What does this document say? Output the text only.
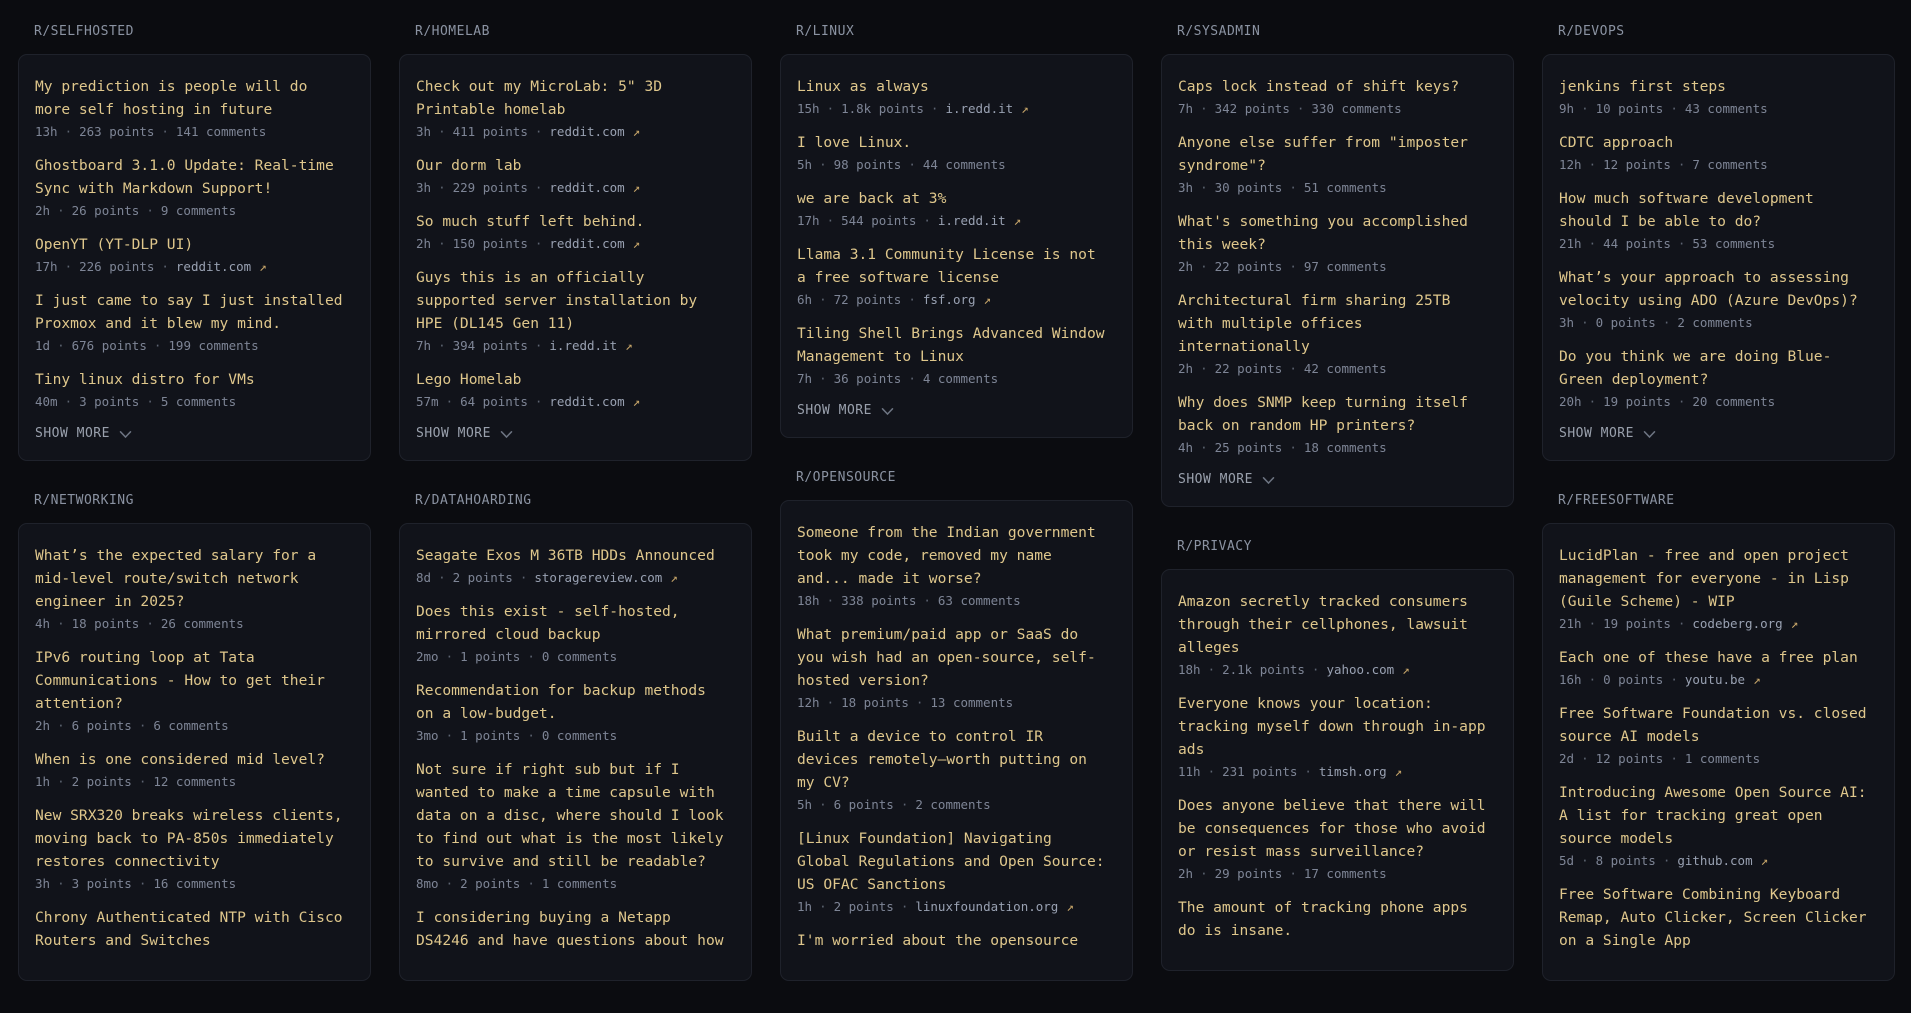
R/SELFHOSTED
My prediction is people will do more self hosting in future
13h · 263 points · 141 comments
Ghostboard 3.1.0 Update: Real-time Sync with Markdown Support!
2h · 26 points · 9 comments
OpenYT (YT-DLP UI)
17h · 226 points · reddit.com ↗
I just came to say I just installed Proxmox and it blew my mind.
1d · 676 points · 199 comments
Tiny linux distro for VMs
40m · 3 points · 5 comments
SHOW MORE
R/NETWORKING
What’s the expected salary for a mid-level route/switch network engineer in 2025?
4h · 18 points · 26 comments
IPv6 routing loop at Tata Communications - How to get their attention?
2h · 6 points · 6 comments
When is one considered mid level?
1h · 2 points · 12 comments
New SRX320 breaks wireless clients, moving back to PA-850s immediately restores connectivity
3h · 3 points · 16 comments
Chrony Authenticated NTP with Cisco Routers and Switches
R/HOMELAB
Check out my MicroLab: 5" 3D Printable homelab
3h · 411 points · reddit.com ↗
Our dorm lab
3h · 229 points · reddit.com ↗
So much stuff left behind.
2h · 150 points · reddit.com ↗
Guys this is an officially supported server installation by HPE (DL145 Gen 11)
7h · 394 points · i.redd.it ↗
Lego Homelab
57m · 64 points · reddit.com ↗
SHOW MORE
R/DATAHOARDING
Seagate Exos M 36TB HDDs Announced
8d · 2 points · storagereview.com ↗
Does this exist - self-hosted, mirrored cloud backup
2mo · 1 points · 0 comments
Recommendation for backup methods on a low-budget.
3mo · 1 points · 0 comments
Not sure if right sub but if I wanted to make a time capsule with data on a disc, where should I look to find out what is the most likely to survive and still be readable?
8mo · 2 points · 1 comments
I considering buying a Netapp DS4246 and have questions about how
R/LINUX
Linux as always
15h · 1.8k points · i.redd.it ↗
I love Linux.
5h · 98 points · 44 comments
we are back at 3%
17h · 544 points · i.redd.it ↗
Llama 3.1 Community License is not a free software license
6h · 72 points · fsf.org ↗
Tiling Shell Brings Advanced Window Management to Linux
7h · 36 points · 4 comments
SHOW MORE
R/OPENSOURCE
Someone from the Indian government took my code, removed my name and... made it worse?
18h · 338 points · 63 comments
What premium/paid app or SaaS do you wish had an open-source, self-hosted version?
12h · 18 points · 13 comments
Built a device to control IR devices remotely—worth putting on my CV?
5h · 6 points · 2 comments
[Linux Foundation] Navigating Global Regulations and Open Source: US OFAC Sanctions
1h · 2 points · linuxfoundation.org ↗
I'm worried about the opensource
R/SYSADMIN
Caps lock instead of shift keys?
7h · 342 points · 330 comments
Anyone else suffer from "imposter syndrome"?
3h · 30 points · 51 comments
What's something you accomplished this week?
2h · 22 points · 97 comments
Architectural firm sharing 25TB with multiple offices internationally
2h · 22 points · 42 comments
Why does SNMP keep turning itself back on random HP printers?
4h · 25 points · 18 comments
SHOW MORE
R/PRIVACY
Amazon secretly tracked consumers through their cellphones, lawsuit alleges
18h · 2.1k points · yahoo.com ↗
Everyone knows your location: tracking myself down through in-app ads
11h · 231 points · timsh.org ↗
Does anyone believe that there will be consequences for those who avoid or resist mass surveillance?
2h · 29 points · 17 comments
The amount of tracking phone apps do is insane.
R/DEVOPS
jenkins first steps
9h · 10 points · 43 comments
CDTC approach
12h · 12 points · 7 comments
How much software development should I be able to do?
21h · 44 points · 53 comments
What’s your approach to assessing velocity using ADO (Azure DevOps)?
3h · 0 points · 2 comments
Do you think we are doing Blue-Green deployment?
20h · 19 points · 20 comments
SHOW MORE
R/FREESOFTWARE
LucidPlan - free and open project management for everyone - in Lisp (Guile Scheme) - WIP
21h · 19 points · codeberg.org ↗
Each one of these have a free plan
16h · 0 points · youtu.be ↗
Free Software Foundation vs. closed source AI models
2d · 12 points · 1 comments
Introducing Awesome Open Source AI: A list for tracking great open source models
5d · 8 points · github.com ↗
Free Software Combining Keyboard Remap, Auto Clicker, Screen Clicker on a Single App
